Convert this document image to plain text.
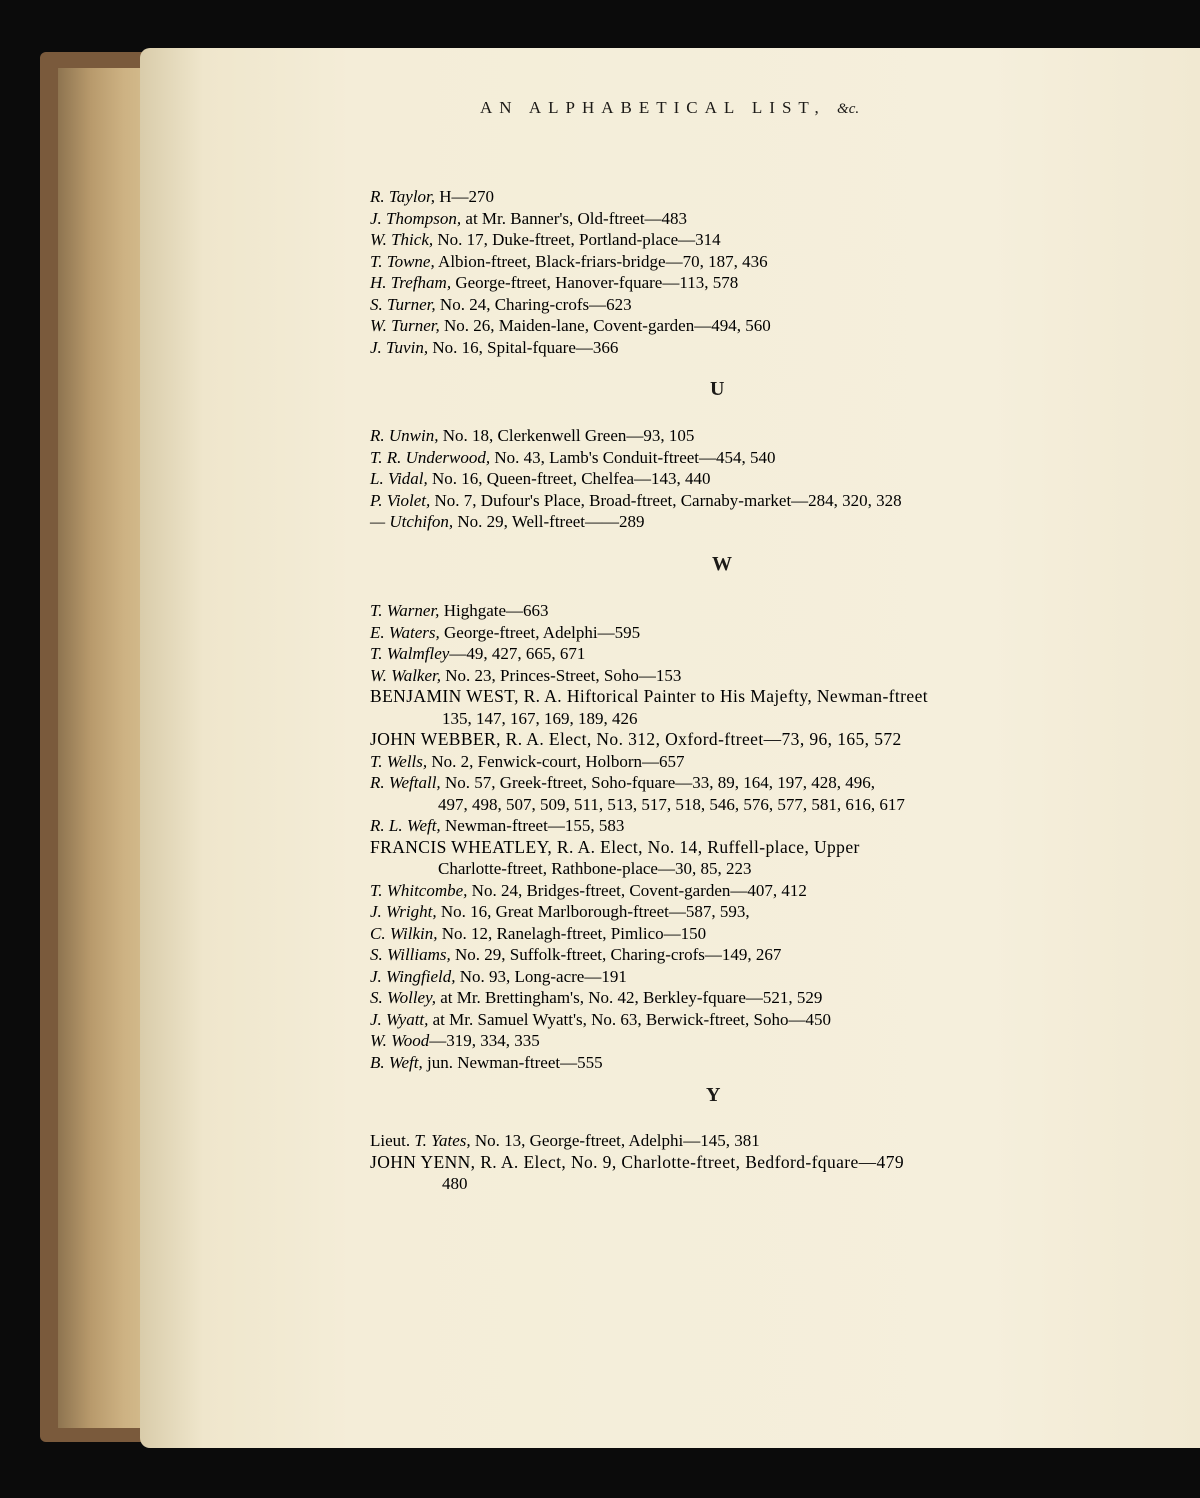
AN ALPHABETICAL LIST, &c.
R. Taylor, H—270
J. Thompson, at Mr. Banner's, Old-ftreet—483
W. Thick, No. 17, Duke-ftreet, Portland-place—314
T. Towne, Albion-ftreet, Black-friars-bridge—70, 187, 436
H. Trefham, George-ftreet, Hanover-fquare—113, 578
S. Turner, No. 24, Charing-crofs—623
W. Turner, No. 26, Maiden-lane, Covent-garden—494, 560
J. Tuvin, No. 16, Spital-fquare—366
U
R. Unwin, No. 18, Clerkenwell Green—93, 105
T. R. Underwood, No. 43, Lamb's Conduit-ftreet—454, 540
L. Vidal, No. 16, Queen-ftreet, Chelfea—143, 440
P. Violet, No. 7, Dufour's Place, Broad-ftreet, Carnaby-market—284, 320, 328
— Utchifon, No. 29, Well-ftreet——289
W
T. Warner, Highgate—663
E. Waters, George-ftreet, Adelphi—595
T. Walmfley—49, 427, 665, 671
W. Walker, No. 23, Princes-Street, Soho—153
BENJAMIN WEST, R. A. Hiftorical Painter to His Majefty, Newman-ftreet
135, 147, 167, 169, 189, 426
JOHN WEBBER, R. A. Elect, No. 312, Oxford-ftreet—73, 96, 165, 572
T. Wells, No. 2, Fenwick-court, Holborn—657
R. Weftall, No. 57, Greek-ftreet, Soho-fquare—33, 89, 164, 197, 428, 496,
497, 498, 507, 509, 511, 513, 517, 518, 546, 576, 577, 581, 616, 617
R. L. Weft, Newman-ftreet—155, 583
FRANCIS WHEATLEY, R. A. Elect, No. 14, Ruffell-place, Upper
Charlotte-ftreet, Rathbone-place—30, 85, 223
T. Whitcombe, No. 24, Bridges-ftreet, Covent-garden—407, 412
J. Wright, No. 16, Great Marlborough-ftreet—587, 593,
C. Wilkin, No. 12, Ranelagh-ftreet, Pimlico—150
S. Williams, No. 29, Suffolk-ftreet, Charing-crofs—149, 267
J. Wingfield, No. 93, Long-acre—191
S. Wolley, at Mr. Brettingham's, No. 42, Berkley-fquare—521, 529
J. Wyatt, at Mr. Samuel Wyatt's, No. 63, Berwick-ftreet, Soho—450
W. Wood—319, 334, 335
B. Weft, jun. Newman-ftreet—555
Y
Lieut. T. Yates, No. 13, George-ftreet, Adelphi—145, 381
JOHN YENN, R. A. Elect, No. 9, Charlotte-ftreet, Bedford-fquare—479
480
